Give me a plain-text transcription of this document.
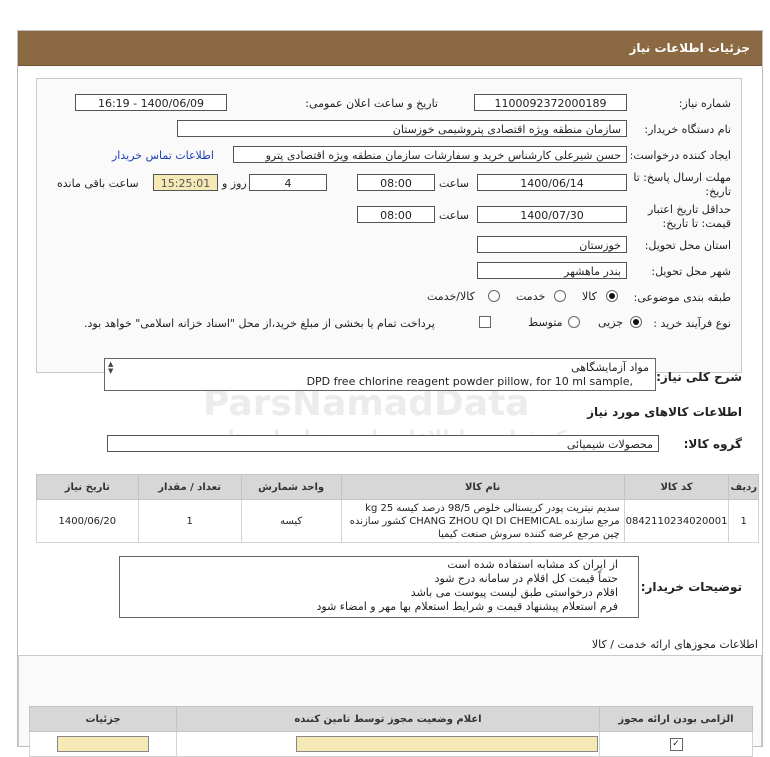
جزئیات اطلاعات نیاز
ParsNamadData
شماره نیاز:
1100092372000189
تاریخ و ساعت اعلان عمومی:
1400/06/09 - 16:19
نام دستگاه خریدار:
سازمان منطقه ویژه اقتصادی پتروشیمی خوزستان
ایجاد کننده درخواست:
حسن شیرعلی کارشناس خرید و سفارشات سازمان منطقه ویژه اقتصادی پترو
اطلاعات تماس خریدار
مهلت ارسال پاسخ: تا
تاریخ:
1400/06/14
ساعت
08:00
4
روز و
15:25:01
ساعت باقی مانده
حداقل تاریخ اعتبار
قیمت: تا تاریخ:
1400/07/30
ساعت
08:00
استان محل تحویل:
خوزستان
شهر محل تحویل:
بندر ماهشهر
طبقه بندی موضوعی:
کالا
خدمت
کالا/خدمت
نوع فرآیند خرید :
جزیی
متوسط
پرداخت تمام یا بخشی از مبلغ خرید،از محل "اسناد خزانه اسلامی" خواهد بود.
شرح کلی نیاز:
▲
▼	مواد آزمایشگاهی
DPD free chlorine reagent powder pillow, for 10 ml sample,
اطلاعات کالاهای مورد نیاز
گروه کالا:
محصولات شیمیائی
ردیف	کد کالا	نام کالا	واحد شمارش	تعداد / مقدار	تاریخ نیاز
1	0842110234020001	سدیم نیتریت پودر کریستالی خلوص 98/5 درصد کیسه 25 kg
مرجع سازنده CHANG ZHOU QI DI CHEMICAL کشور سازنده
چین مرجع عرضه کننده سروش صنعت کیمیا	کیسه	1	1400/06/20
توضیحات خریدار:
از ایران کد مشابه استفاده شده است
حتماً قیمت کل اقلام در سامانه درج شود
اقلام درخواستی طبق لیست پیوست می باشد
فرم استعلام پیشنهاد قیمت و شرایط استعلام بها مهر و امضاء شود
اطلاعات مجوزهای ارائه خدمت / کالا
الزامی بودن ارائه مجوز	اعلام وضعیت مجوز توسط تامین کننده	جزئیات
✓		
